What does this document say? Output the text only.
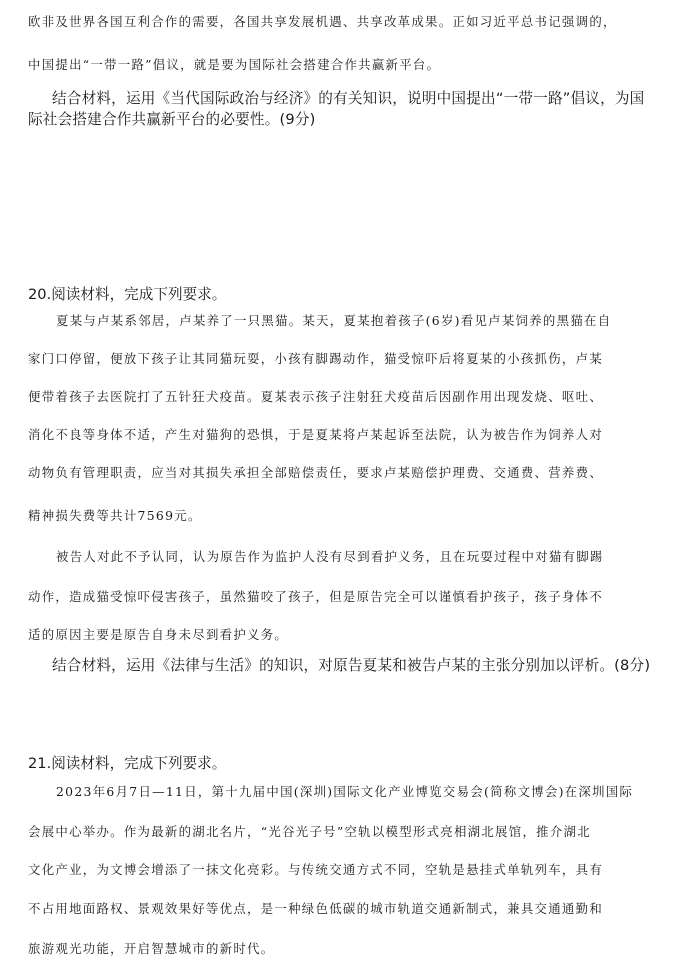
欧非及世界各国互利合作的需要，各国共享发展机遇、共享改革成果。正如习近平总书记强调的，
中国提出“一带一路”倡议，就是要为国际社会搭建合作共赢新平台。
结合材料，运用《当代国际政治与经济》的有关知识，说明中国提出“一带一路”倡议，为国
际社会搭建合作共赢新平台的必要性。(9分)
20.阅读材料，完成下列要求。
夏某与卢某系邻居，卢某养了一只黑猫。某天，夏某抱着孩子(6岁)看见卢某饲养的黑猫在自
家门口停留，便放下孩子让其同猫玩耍，小孩有脚踢动作，猫受惊吓后将夏某的小孩抓伤，卢某
便带着孩子去医院打了五针狂犬疫苗。夏某表示孩子注射狂犬疫苗后因副作用出现发烧、呕吐、
消化不良等身体不适，产生对猫狗的恐惧，于是夏某将卢某起诉至法院，认为被告作为饲养人对
动物负有管理职责，应当对其损失承担全部赔偿责任，要求卢某赔偿护理费、交通费、营养费、
精神损失费等共计7569元。
被告人对此不予认同，认为原告作为监护人没有尽到看护义务，且在玩耍过程中对猫有脚踢
动作，造成猫受惊吓侵害孩子，虽然猫咬了孩子，但是原告完全可以谨慎看护孩子，孩子身体不
适的原因主要是原告自身未尽到看护义务。
结合材料，运用《法律与生活》的知识，对原告夏某和被告卢某的主张分别加以评析。(8分)
21.阅读材料，完成下列要求。
2023年6月7日—11日，第十九届中国(深圳)国际文化产业博览交易会(简称文博会)在深圳国际
会展中心举办。作为最新的湖北名片，“光谷光子号”空轨以模型形式亮相湖北展馆，推介湖北
文化产业，为文博会增添了一抹文化亮彩。与传统交通方式不同，空轨是悬挂式单轨列车，具有
不占用地面路权、景观效果好等优点，是一种绿色低碳的城市轨道交通新制式，兼具交通通勤和
旅游观光功能，开启智慧城市的新时代。
